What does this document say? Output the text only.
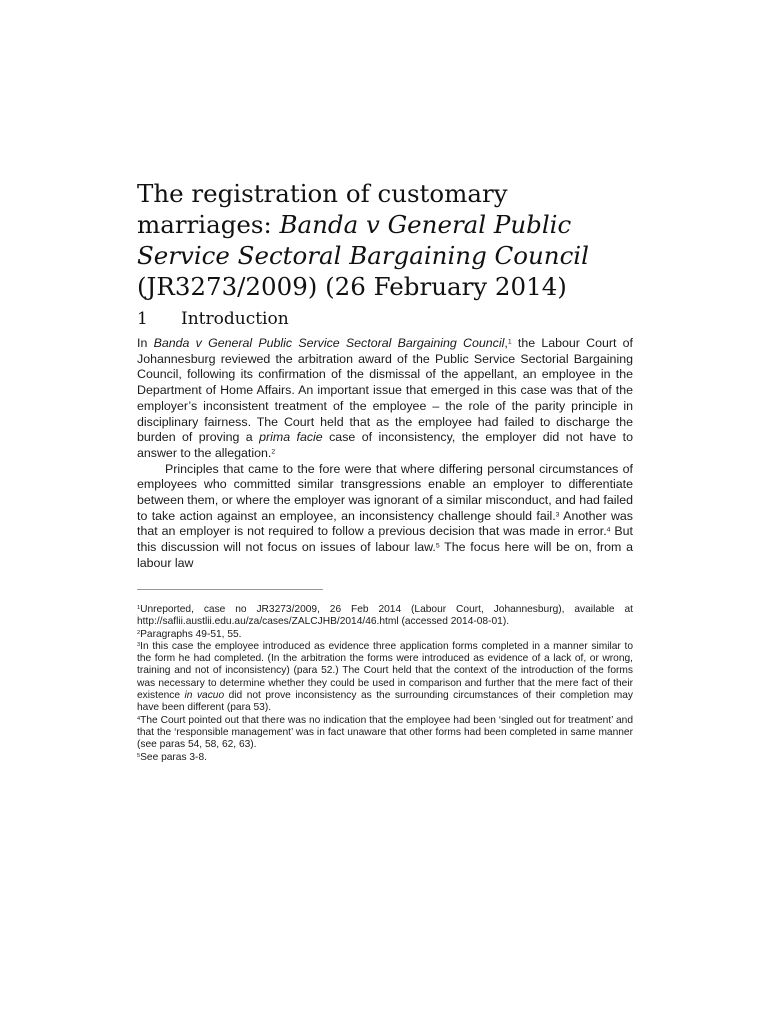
The registration of customary
marriages: Banda v General Public
Service Sectoral Bargaining Council
(JR3273/2009) (26 February 2014)
1 Introduction

In Banda v General Public Service Sectoral Bargaining Council,$^1$ the Labour Court of Johannesburg reviewed the arbitration award of the Public Service Sectorial Bargaining Council, following its confirmation of the dismissal of the appellant, an employee in the Department of Home Affairs. An important issue that emerged in this case was that of the employer’s inconsistent treatment of the employee – the role of the parity principle in disciplinary fairness. The Court held that as the employee had failed to discharge the burden of proving a prima facie case of inconsistency, the employer did not have to answer to the allegation.$^2$

Principles that came to the fore were that where differing personal circumstances of employees who committed similar transgressions enable an employer to differentiate between them, or where the employer was ignorant of a similar misconduct, and had failed to take action against an employee, an inconsistency challenge should fail.$^3$ Another was that an employer is not required to follow a previous decision that was made in error.$^4$ But this discussion will not focus on issues of labour law.$^5$ The focus here will be on, from a labour law

$^1$Unreported, case no JR3273/2009, 26 Feb 2014 (Labour Court, Johannesburg), available at http://saflii.austlii.edu.au/za/cases/ZALCJHB/2014/46.html (accessed 2014-08-01).

$^2$Paragraphs 49-51, 55.

$^3$In this case the employee introduced as evidence three application forms completed in a manner similar to the form he had completed. (In the arbitration the forms were introduced as evidence of a lack of, or wrong, training and not of inconsistency) (para 52.) The Court held that the context of the introduction of the forms was necessary to determine whether they could be used in comparison and further that the mere fact of their existence in vacuo did not prove inconsistency as the surrounding circumstances of their completion may have been different (para 53).

$^4$The Court pointed out that there was no indication that the employee had been ‘singled out for treatment’ and that the ‘responsible management’ was in fact unaware that other forms had been completed in same manner (see paras 54, 58, 62, 63).

$^5$See paras 3-8.
